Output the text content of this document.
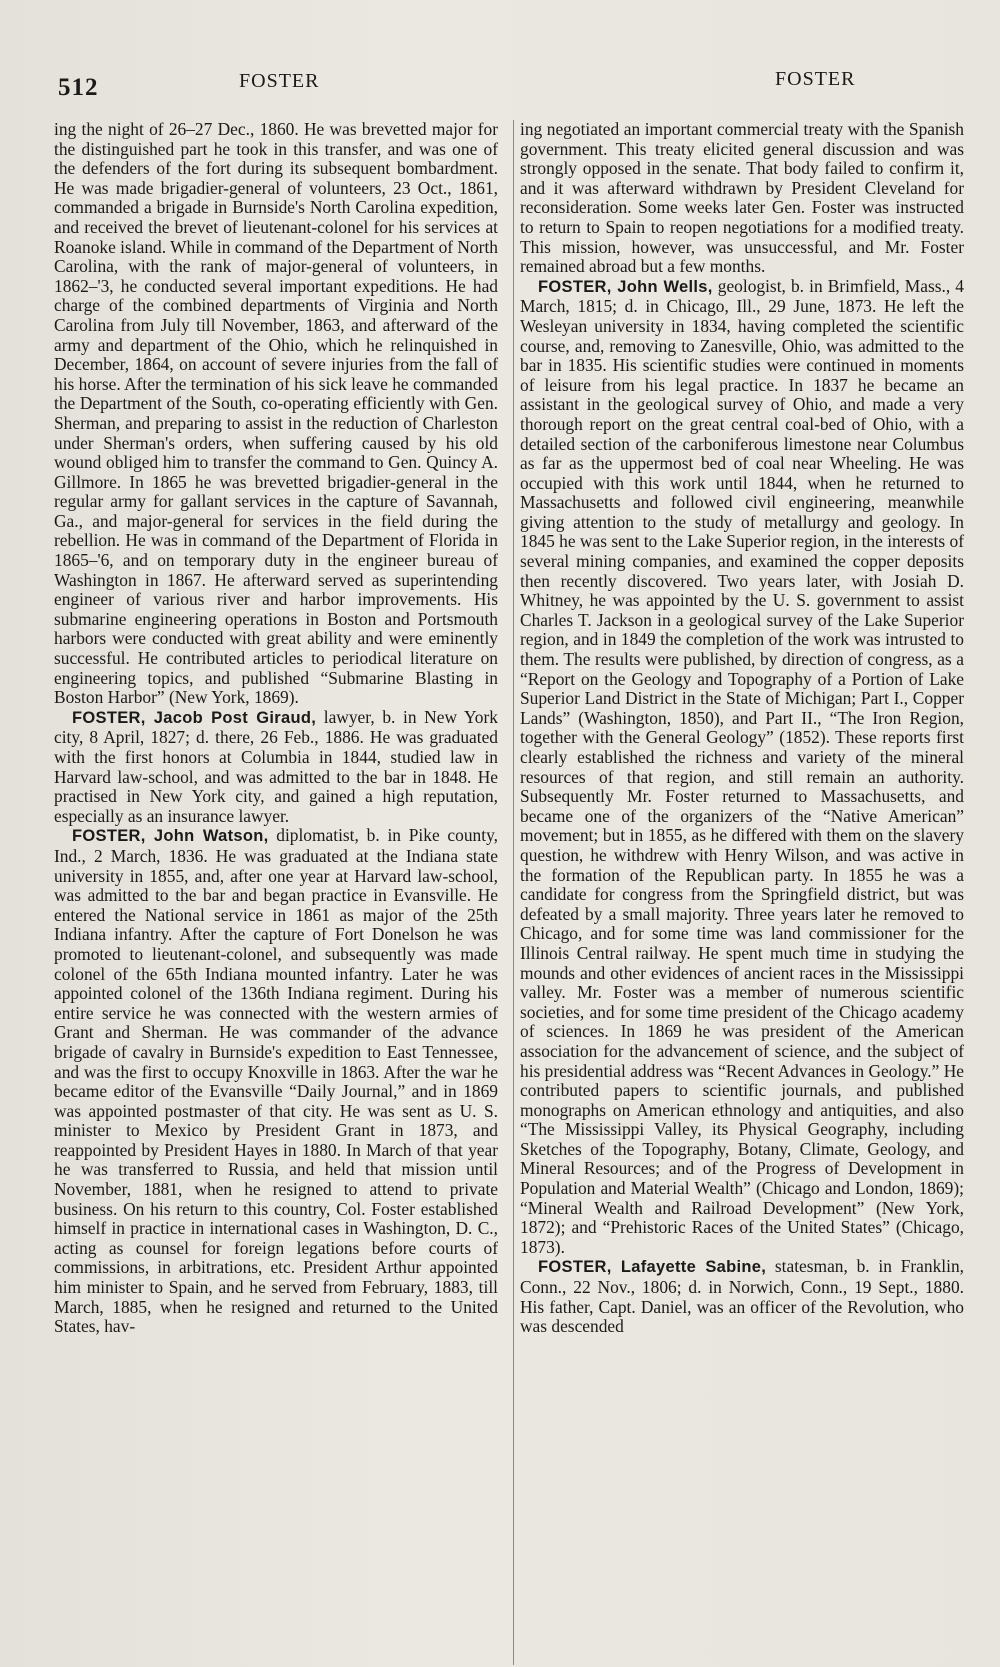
512	FOSTER	FOSTER

ing the night of 26–27 Dec., 1860. He was brevetted major for the distinguished part he took in this transfer, and was one of the defenders of the fort during its subsequent bombardment. He was made brigadier-general of volunteers, 23 Oct., 1861, commanded a brigade in Burnside's North Carolina expedition, and received the brevet of lieutenant-colonel for his services at Roanoke island. While in command of the Department of North Carolina, with the rank of major-general of volunteers, in 1862–'3, he conducted several important expeditions. He had charge of the combined departments of Virginia and North Carolina from July till November, 1863, and afterward of the army and department of the Ohio, which he relinquished in December, 1864, on account of severe injuries from the fall of his horse. After the termination of his sick leave he commanded the Department of the South, co-operating efficiently with Gen. Sherman, and preparing to assist in the reduction of Charleston under Sherman's orders, when suffering caused by his old wound obliged him to transfer the command to Gen. Quincy A. Gillmore. In 1865 he was brevetted brigadier-general in the regular army for gallant services in the capture of Savannah, Ga., and major-general for services in the field during the rebellion. He was in command of the Department of Florida in 1865–'6, and on temporary duty in the engineer bureau of Washington in 1867. He afterward served as superintending engineer of various river and harbor improvements. His submarine engineering operations in Boston and Portsmouth harbors were conducted with great ability and were eminently successful. He contributed articles to periodical literature on engineering topics, and published “Submarine Blasting in Boston Harbor” (New York, 1869).

FOSTER, Jacob Post Giraud, lawyer, b. in New York city, 8 April, 1827; d. there, 26 Feb., 1886. He was graduated with the first honors at Columbia in 1844, studied law in Harvard law-school, and was admitted to the bar in 1848. He practised in New York city, and gained a high reputation, especially as an insurance lawyer.

FOSTER, John Watson, diplomatist, b. in Pike county, Ind., 2 March, 1836. He was graduated at the Indiana state university in 1855, and, after one year at Harvard law-school, was admitted to the bar and began practice in Evansville. He entered the National service in 1861 as major of the 25th Indiana infantry. After the capture of Fort Donelson he was promoted to lieutenant-colonel, and subsequently was made colonel of the 65th Indiana mounted infantry. Later he was appointed colonel of the 136th Indiana regiment. During his entire service he was connected with the western armies of Grant and Sherman. He was commander of the advance brigade of cavalry in Burnside's expedition to East Tennessee, and was the first to occupy Knoxville in 1863. After the war he became editor of the Evansville “Daily Journal,” and in 1869 was appointed postmaster of that city. He was sent as U. S. minister to Mexico by President Grant in 1873, and reappointed by President Hayes in 1880. In March of that year he was transferred to Russia, and held that mission until November, 1881, when he resigned to attend to private business. On his return to this country, Col. Foster established himself in practice in international cases in Washington, D. C., acting as counsel for foreign legations before courts of commissions, in arbitrations, etc. President Arthur appointed him minister to Spain, and he served from February, 1883, till March, 1885, when he resigned and returned to the United States, hav-

ing negotiated an important commercial treaty with the Spanish government. This treaty elicited general discussion and was strongly opposed in the senate. That body failed to confirm it, and it was afterward withdrawn by President Cleveland for reconsideration. Some weeks later Gen. Foster was instructed to return to Spain to reopen negotiations for a modified treaty. This mission, however, was unsuccessful, and Mr. Foster remained abroad but a few months.

FOSTER, John Wells, geologist, b. in Brimfield, Mass., 4 March, 1815; d. in Chicago, Ill., 29 June, 1873. He left the Wesleyan university in 1834, having completed the scientific course, and, removing to Zanesville, Ohio, was admitted to the bar in 1835. His scientific studies were continued in moments of leisure from his legal practice. In 1837 he became an assistant in the geological survey of Ohio, and made a very thorough report on the great central coal-bed of Ohio, with a detailed section of the carboniferous limestone near Columbus as far as the uppermost bed of coal near Wheeling. He was occupied with this work until 1844, when he returned to Massachusetts and followed civil engineering, meanwhile giving attention to the study of metallurgy and geology. In 1845 he was sent to the Lake Superior region, in the interests of several mining companies, and examined the copper deposits then recently discovered. Two years later, with Josiah D. Whitney, he was appointed by the U. S. government to assist Charles T. Jackson in a geological survey of the Lake Superior region, and in 1849 the completion of the work was intrusted to them. The results were published, by direction of congress, as a “Report on the Geology and Topography of a Portion of Lake Superior Land District in the State of Michigan; Part I., Copper Lands” (Washington, 1850), and Part II., “The Iron Region, together with the General Geology” (1852). These reports first clearly established the richness and variety of the mineral resources of that region, and still remain an authority. Subsequently Mr. Foster returned to Massachusetts, and became one of the organizers of the “Native American” movement; but in 1855, as he differed with them on the slavery question, he withdrew with Henry Wilson, and was active in the formation of the Republican party. In 1855 he was a candidate for congress from the Springfield district, but was defeated by a small majority. Three years later he removed to Chicago, and for some time was land commissioner for the Illinois Central railway. He spent much time in studying the mounds and other evidences of ancient races in the Mississippi valley. Mr. Foster was a member of numerous scientific societies, and for some time president of the Chicago academy of sciences. In 1869 he was president of the American association for the advancement of science, and the subject of his presidential address was “Recent Advances in Geology.” He contributed papers to scientific journals, and published monographs on American ethnology and antiquities, and also “The Mississippi Valley, its Physical Geography, including Sketches of the Topography, Botany, Climate, Geology, and Mineral Resources; and of the Progress of Development in Population and Material Wealth” (Chicago and London, 1869); “Mineral Wealth and Railroad Development” (New York, 1872); and “Prehistoric Races of the United States” (Chicago, 1873).

FOSTER, Lafayette Sabine, statesman, b. in Franklin, Conn., 22 Nov., 1806; d. in Norwich, Conn., 19 Sept., 1880. His father, Capt. Daniel, was an officer of the Revolution, who was descended
